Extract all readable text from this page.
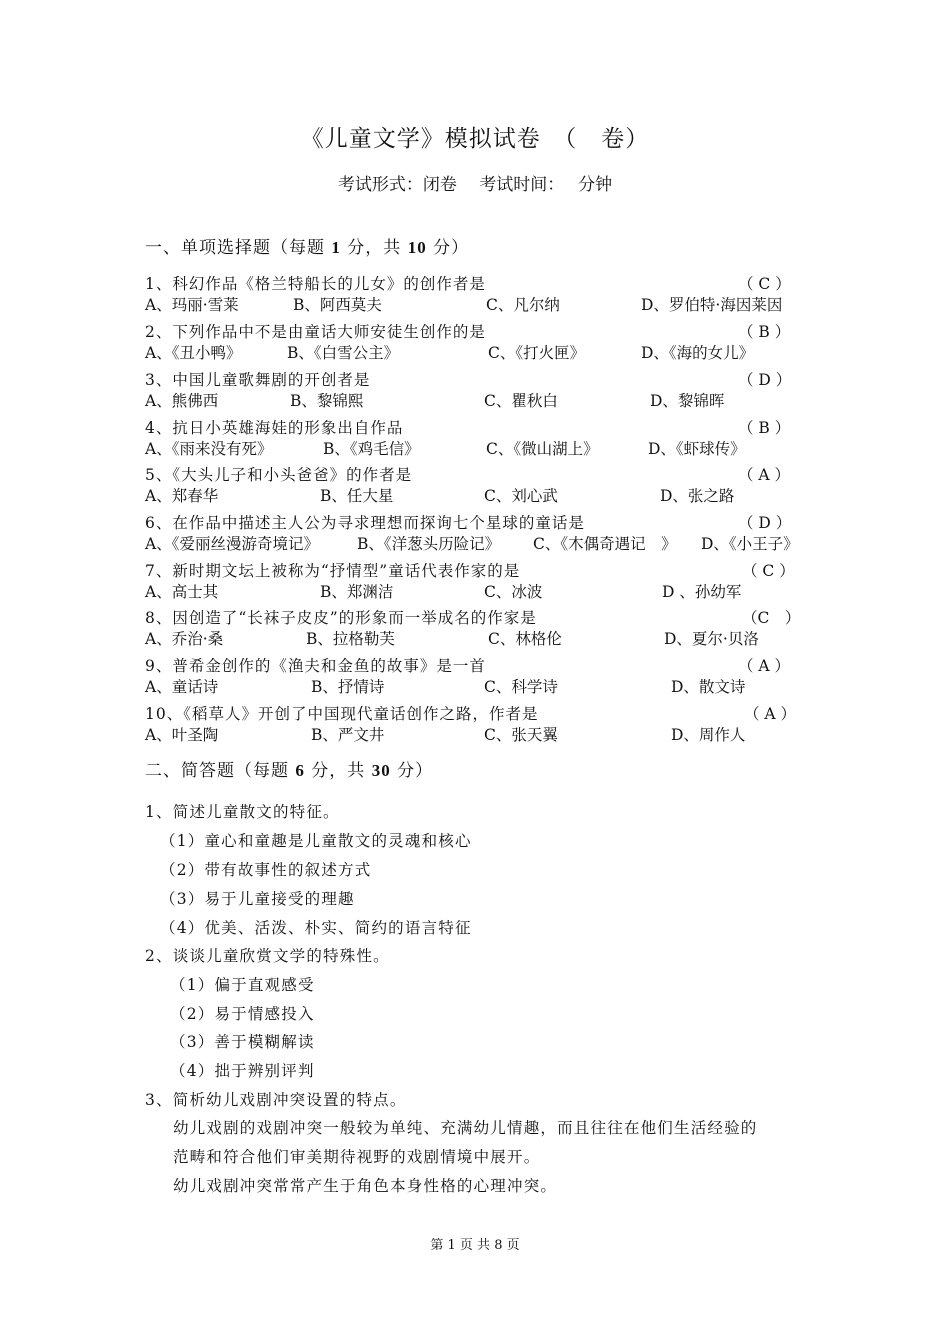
《儿童文学》模拟试卷　（　卷）
考试形式：闭卷　 考试时间：　 分钟
一、单项选择题（每题 1 分，共 10 分）
1、科幻作品《格兰特船长的儿女》的创作者是	（ C ）
A、玛丽·雪莱	B、阿西莫夫	C、凡尔纳	D、罗伯特·海因莱因
2、下列作品中不是由童话大师安徒生创作的是	（ B ）
A、《丑小鸭》	B、《白雪公主》	C、《打火匣》	D、《海的女儿》
3、中国儿童歌舞剧的开创者是	（ D ）
A、熊佛西	B、黎锦熙	C、瞿秋白	D、黎锦晖
4、抗日小英雄海娃的形象出自作品	（ B ）
A、《雨来没有死》	B、《鸡毛信》	C、《微山湖上》	D、《虾球传》
5、《大头儿子和小头爸爸》的作者是	（ A ）
A、郑春华	B、任大星	C、刘心武	D、张之路
6、在作品中描述主人公为寻求理想而探询七个星球的童话是	（ D ）
A、《爱丽丝漫游奇境记》 B、《洋葱头历险记》 C、《木偶奇遇记　》 D、《小王子》
7、新时期文坛上被称为“抒情型”童话代表作家的是	（ C ）
A、高士其	B、郑渊洁	C、冰波	D 、孙幼军
8、因创造了“长袜子皮皮”的形象而一举成名的作家是	（C　）
A、乔治·桑	B、拉格勒芙	C、林格伦	D、夏尔·贝洛
9、普希金创作的《渔夫和金鱼的故事》是一首	（ A ）
A、童话诗	B、抒情诗	C、科学诗	D、散文诗
10、《稻草人》开创了中国现代童话创作之路，作者是	（ A ）
A、叶圣陶	B、严文井	C、张天翼	D、周作人
二、简答题（每题 6 分，共 30 分）
1、简述儿童散文的特征。
（1）童心和童趣是儿童散文的灵魂和核心
（2）带有故事性的叙述方式
（3）易于儿童接受的理趣
（4）优美、活泼、朴实、简约的语言特征
2、谈谈儿童欣赏文学的特殊性。
（1）偏于直观感受
（2）易于情感投入
（3）善于模糊解读
（4）拙于辨别评判
3、简析幼儿戏剧冲突设置的特点。
幼儿戏剧的戏剧冲突一般较为单纯、充满幼儿情趣，而且往往在他们生活经验的
范畴和符合他们审美期待视野的戏剧情境中展开。
幼儿戏剧冲突常常产生于角色本身性格的心理冲突。
第 1 页 共 8 页
